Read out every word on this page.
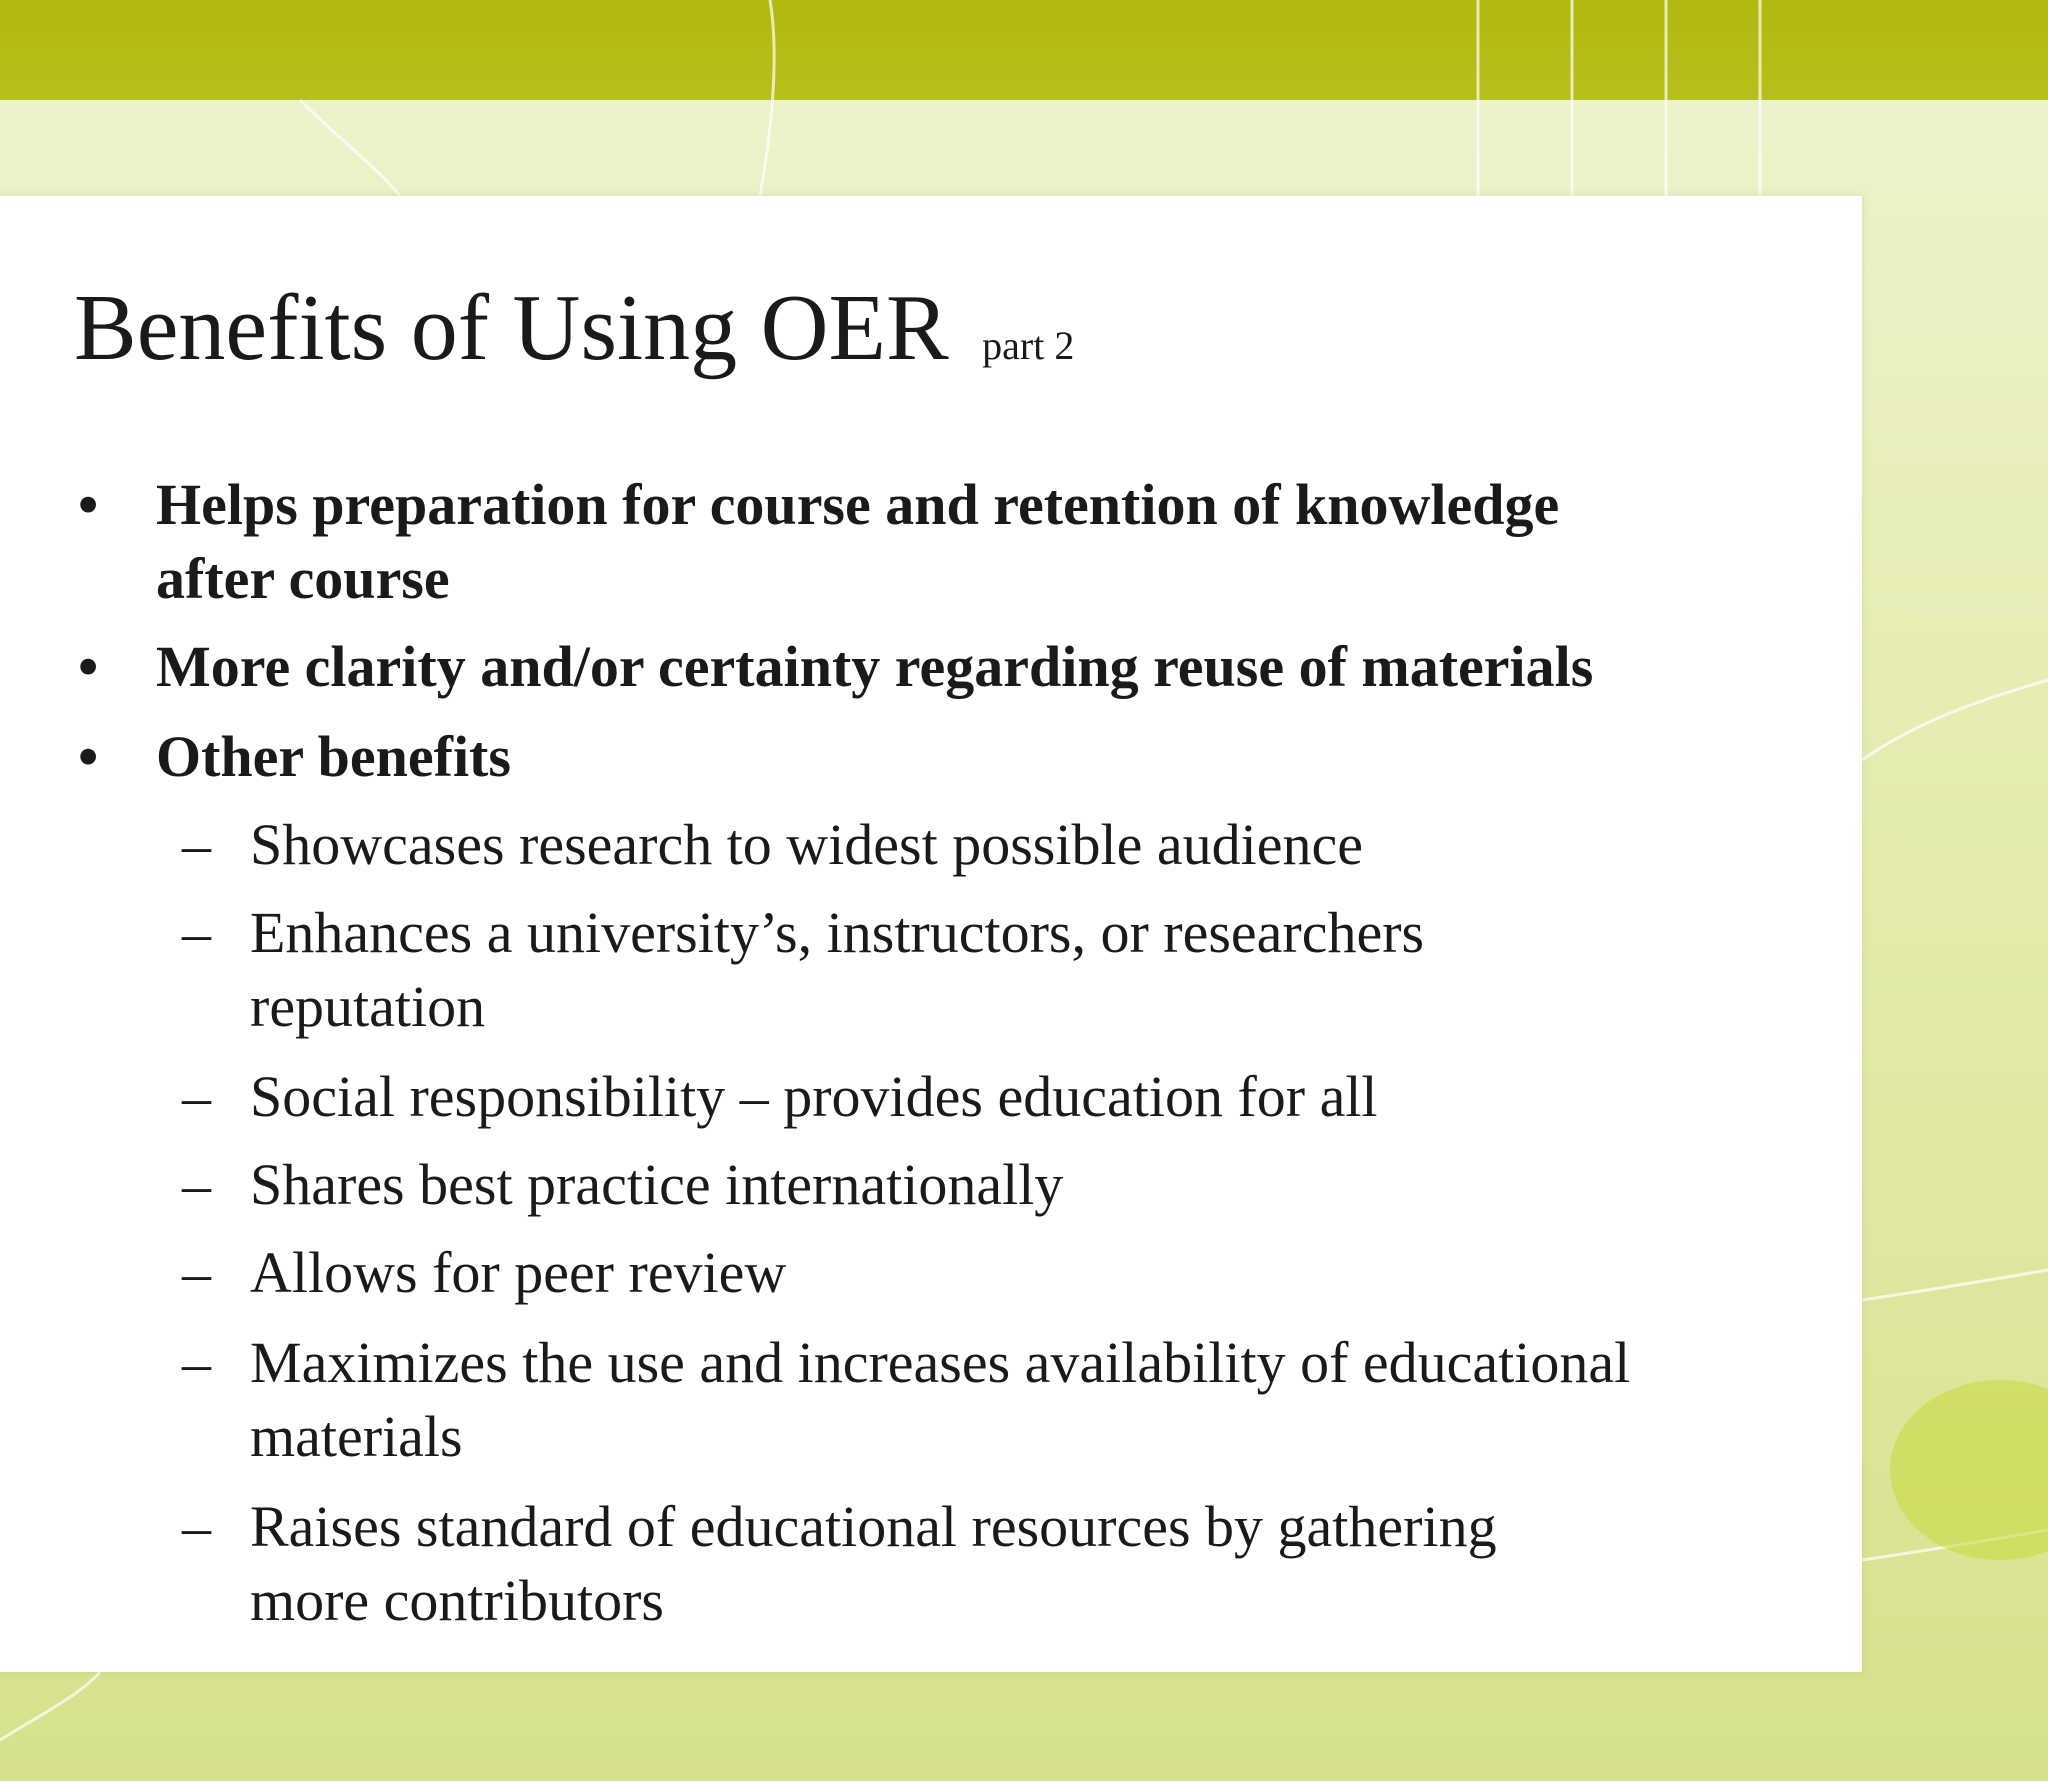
Benefits of Using OER part 2
• Helps preparation for course and retention of knowledge
after course
• More clarity and/or certainty regarding reuse of materials
• Other benefits
– Showcases research to widest possible audience
– Enhances a university’s, instructors, or researchers
reputation
– Social responsibility – provides education for all
– Shares best practice internationally
– Allows for peer review
– Maximizes the use and increases availability of educational
materials
– Raises standard of educational resources by gathering
more contributors
